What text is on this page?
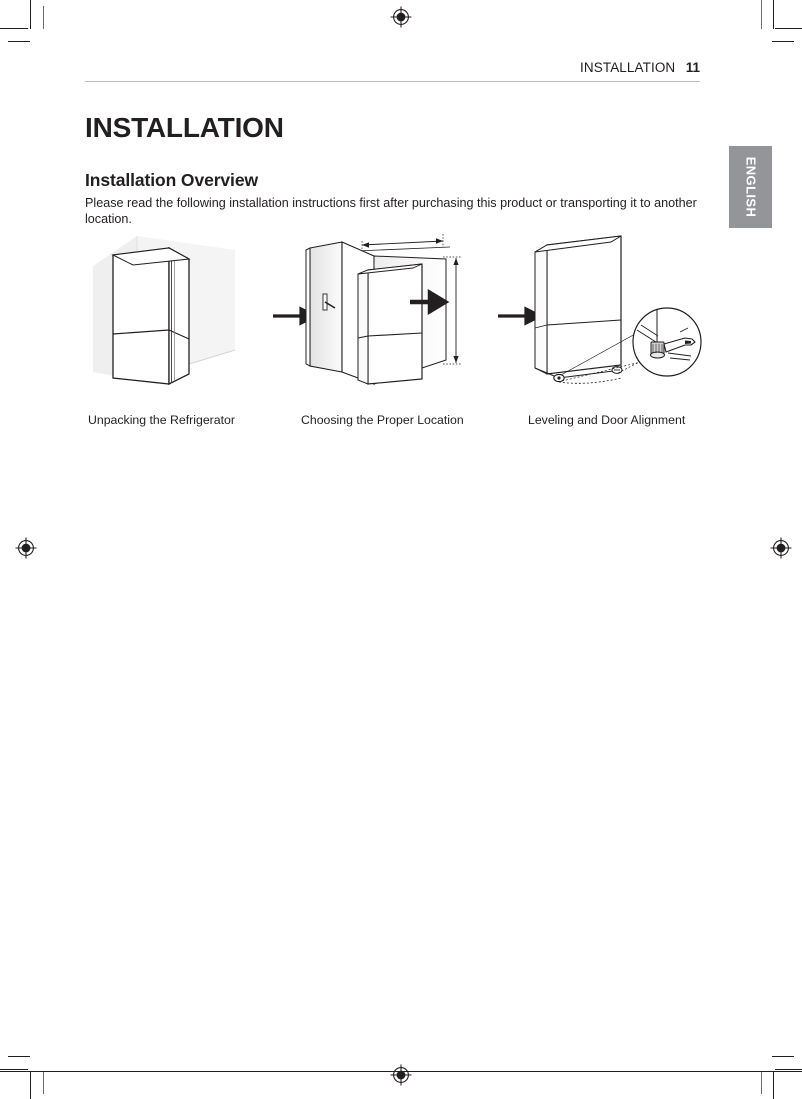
INSTALLATION 11
INSTALLATION
Installation Overview

Please read the following installation instructions first after purchasing this product or transporting it to another location.

ENGLISH
Unpacking the Refrigerator	Choosing the Proper Location	Leveling and Door Alignment
